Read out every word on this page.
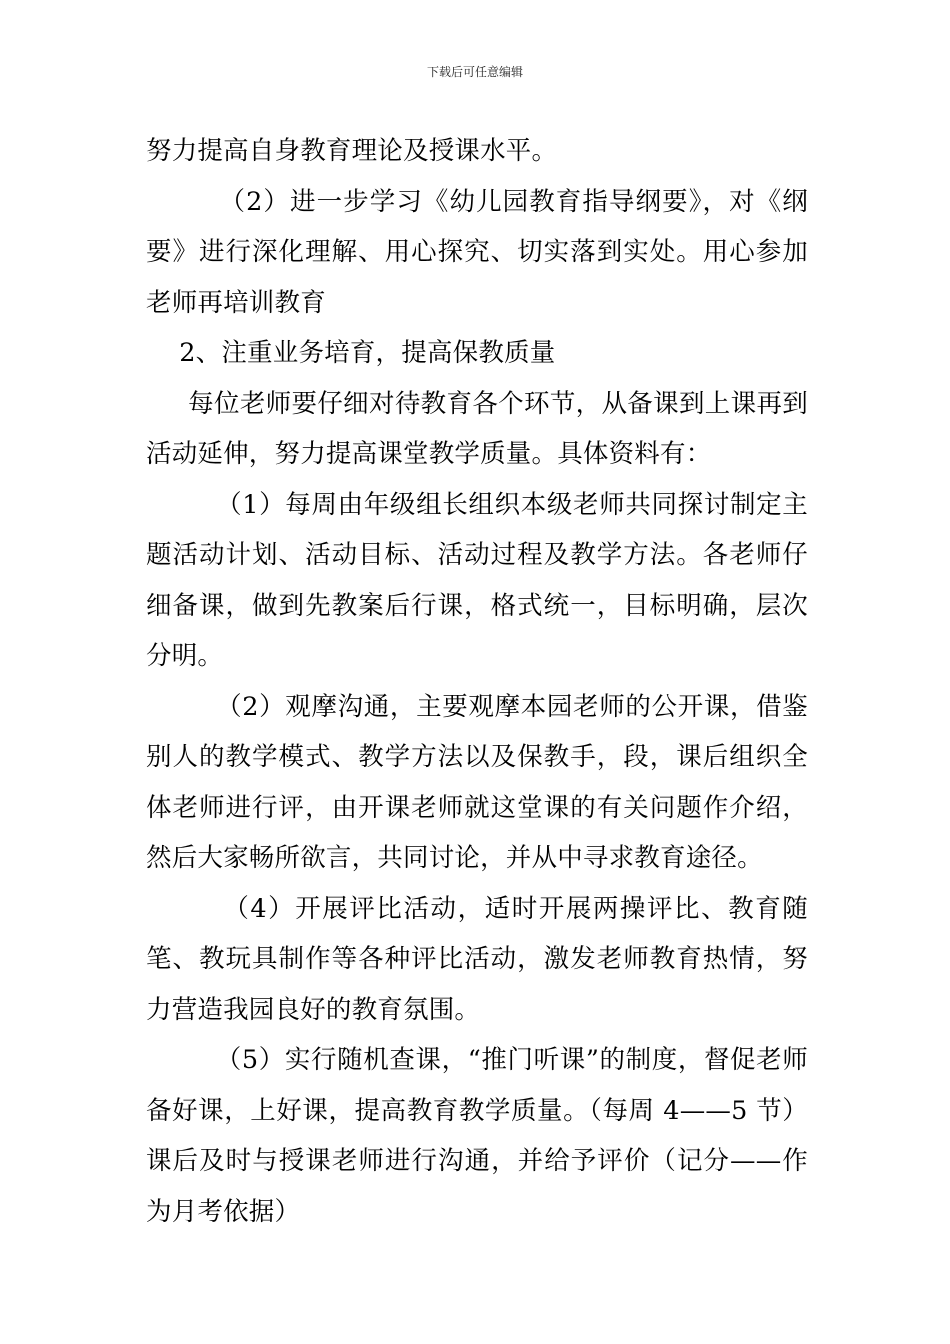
下载后可任意编辑

努力提高自身教育理论及授课水平。

（2）进一步学习《幼儿园教育指导纲要》，对《纲要》进行深化理解、用心探究、切实落到实处。用心参加老师再培训教育

2、注重业务培育，提高保教质量

每位老师要仔细对待教育各个环节，从备课到上课再到活动延伸，努力提高课堂教学质量。具体资料有：

（1）每周由年级组长组织本级老师共同探讨制定主题活动计划、活动目标、活动过程及教学方法。各老师仔细备课，做到先教案后行课，格式统一，目标明确，层次分明。

（2）观摩沟通，主要观摩本园老师的公开课，借鉴别人的教学模式、教学方法以及保教手，段，课后组织全体老师进行评，由开课老师就这堂课的有关问题作介绍，然后大家畅所欲言，共同讨论，并从中寻求教育途径。

（4）开展评比活动，适时开展两操评比、教育随笔、教玩具制作等各种评比活动，激发老师教育热情，努力营造我园良好的教育氛围。

（5）实行随机查课，“推门听课”的制度，督促老师备好课，上好课，提高教育教学质量。（每周 4——5 节）课后及时与授课老师进行沟通，并给予评价（记分——作为月考依据）
